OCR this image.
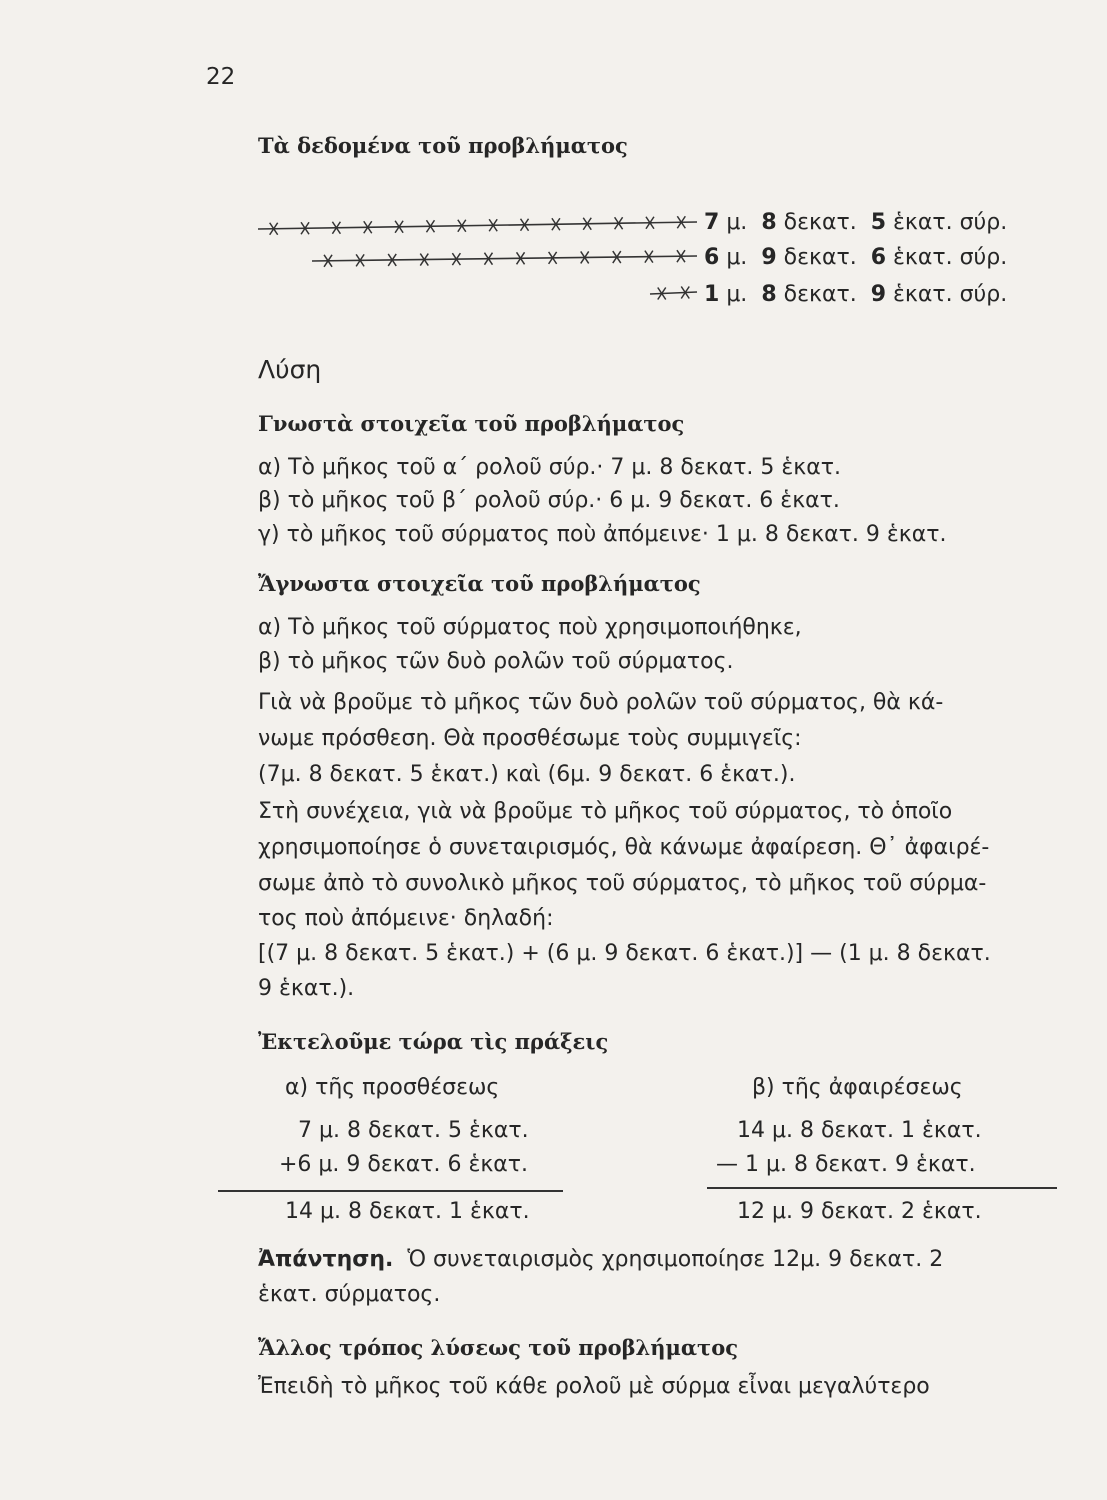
22
Τὰ δεδομένα τοῦ προβλήματος
7 μ. 8 δεκατ. 5 ἑκατ. σύρ.
6 μ. 9 δεκατ. 6 ἑκατ. σύρ.
1 μ. 8 δεκατ. 9 ἑκατ. σύρ.
Λύση
Γνωστὰ στοιχεῖα τοῦ προβλήματος
α) Τὸ μῆκος τοῦ α΄ ρολοῦ σύρ.· 7 μ. 8 δεκατ. 5 ἑκατ.
β) τὸ μῆκος τοῦ β΄ ρολοῦ σύρ.· 6 μ. 9 δεκατ. 6 ἑκατ.
γ) τὸ μῆκος τοῦ σύρματος ποὺ ἀπόμεινε· 1 μ. 8 δεκατ. 9 ἑκατ.
Ἄγνωστα στοιχεῖα τοῦ προβλήματος
α) Τὸ μῆκος τοῦ σύρματος ποὺ χρησιμοποιήθηκε,
β) τὸ μῆκος τῶν δυὸ ρολῶν τοῦ σύρματος.
Γιὰ νὰ βροῦμε τὸ μῆκος τῶν δυὸ ρολῶν τοῦ σύρματος, θὰ κά-
νωμε πρόσθεση. Θὰ προσθέσωμε τοὺς συμμιγεῖς:
(7μ. 8 δεκατ. 5 ἑκατ.) καὶ (6μ. 9 δεκατ. 6 ἑκατ.).
Στὴ συνέχεια, γιὰ νὰ βροῦμε τὸ μῆκος τοῦ σύρματος, τὸ ὁποῖο
χρησιμοποίησε ὁ συνεταιρισμός, θὰ κάνωμε ἀφαίρεση. Θ᾽ ἀφαιρέ-
σωμε ἀπὸ τὸ συνολικὸ μῆκος τοῦ σύρματος, τὸ μῆκος τοῦ σύρμα-
τος ποὺ ἀπόμεινε· δηλαδή:
[(7 μ. 8 δεκατ. 5 ἑκατ.) + (6 μ. 9 δεκατ. 6 ἑκατ.)] — (1 μ. 8 δεκατ.
9 ἑκατ.).
Ἐκτελοῦμε τώρα τὶς πράξεις
α) τῆς προσθέσεως
7 μ. 8 δεκατ. 5 ἑκατ.
+6 μ. 9 δεκατ. 6 ἑκατ.
14 μ. 8 δεκατ. 1 ἑκατ.
β) τῆς ἀφαιρέσεως
14 μ. 8 δεκατ. 1 ἑκατ.
— 1 μ. 8 δεκατ. 9 ἑκατ.
12 μ. 9 δεκατ. 2 ἑκατ.
Ἀπάντηση. Ὁ συνεταιρισμὸς χρησιμοποίησε 12μ. 9 δεκατ. 2
ἑκατ. σύρματος.
Ἄλλος τρόπος λύσεως τοῦ προβλήματος
Ἐπειδὴ τὸ μῆκος τοῦ κάθε ρολοῦ μὲ σύρμα εἶναι μεγαλύτερο
